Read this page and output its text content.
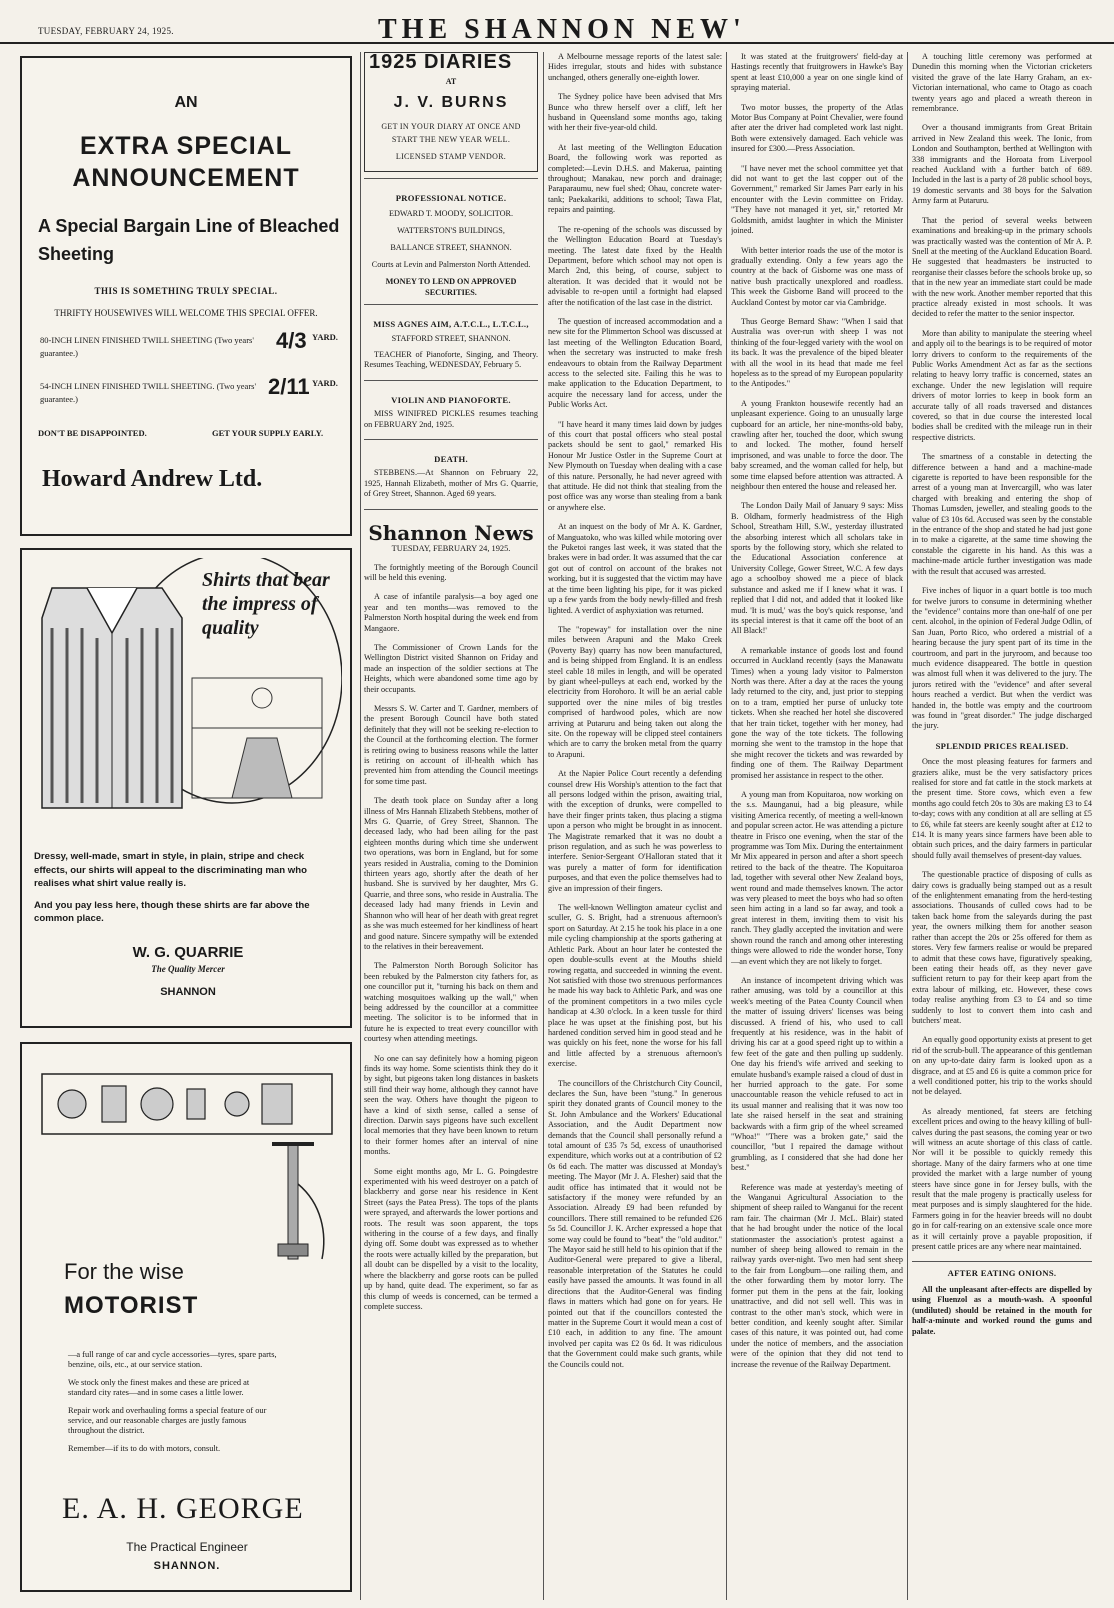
TUESDAY, FEBRUARY 24, 1925.	THE SHANNON NEW'
AN
EXTRA SPECIAL ANNOUNCEMENT
A Special Bargain Line of Bleached Sheeting
THIS IS SOMETHING TRULY SPECIAL.
THRIFTY HOUSEWIVES WILL WELCOME THIS SPECIAL OFFER.
80-INCH LINEN FINISHED TWILL SHEETING (Two years' guarantee.)	4/3 YARD.
54-INCH LINEN FINISHED TWILL SHEETING. (Two years' guarantee.)	2/11 YARD.
DON'T BE DISAPPOINTED.	GET YOUR SUPPLY EARLY.
Howard Andrew Ltd.
Shirts that bear the impress of quality

Dressy, well-made, smart in style, in plain, stripe and check effects, our shirts will appeal to the discriminating man who realises what shirt value really is.

And you pay less here, though these shirts are far above the common place.

W. G. QUARRIE
The Quality Mercer
SHANNON
For the wise
MOTORIST

—a full range of car and cycle accessories—tyres, spare parts, benzine, oils, etc., at our service station.

We stock only the finest makes and these are priced at standard city rates—and in some cases a little lower.

Repair work and overhauling forms a special feature of our service, and our reasonable charges are justly famous throughout the district.

Remember—if its to do with motors, consult.

E. A. H. GEORGE
The Practical Engineer
SHANNON.
1925 DIARIES
AT
J. V. BURNS
GET IN YOUR DIARY AT ONCE AND START THE NEW YEAR WELL.
LICENSED STAMP VENDOR.
PROFESSIONAL NOTICE.
EDWARD T. MOODY, SOLICITOR.
WATTERSTON'S BUILDINGS,
BALLANCE STREET, SHANNON.
Courts at Levin and Palmerston North Attended.
MONEY TO LEND ON APPROVED SECURITIES.
MISS AGNES AIM, A.T.C.L., L.T.C.L.,
STAFFORD STREET, SHANNON.

TEACHER of Pianoforte, Singing, and Theory. Resumes Teaching, WEDNESDAY, February 5.

VIOLIN AND PIANOFORTE.

MISS WINIFRED PICKLES resumes teaching on FEBRUARY 2nd, 1925.

DEATH.

STEBBENS.—At Shannon on February 22, 1925, Hannah Elizabeth, mother of Mrs G. Quarrie, of Grey Street, Shannon. Aged 69 years.

Shannon News
TUESDAY, FEBRUARY 24, 1925.

The fortnightly meeting of the Borough Council will be held this evening.

A case of infantile paralysis—a boy aged one year and ten months—was removed to the Palmerston North hospital during the week end from Mangaore.

The Commissioner of Crown Lands for the Wellington District visited Shannon on Friday and made an inspection of the soldier sections at The Heights, which were abandoned some time ago by their occupants.

Messrs S. W. Carter and T. Gardner, members of the present Borough Council have both stated definitely that they will not be seeking re-election to the Council at the forthcoming election. The former is retiring owing to business reasons while the latter is retiring on account of ill-health which has prevented him from attending the Council meetings for some time past.

The death took place on Sunday after a long illness of Mrs Hannah Elizabeth Stebbens, mother of Mrs G. Quarrie, of Grey Street, Shannon. The deceased lady, who had been ailing for the past eighteen months during which time she underwent two operations, was born in England, but for some years resided in Australia, coming to the Dominion thirteen years ago, shortly after the death of her husband. She is survived by her daughter, Mrs G. Quarrie, and three sons, who reside in Australia. The deceased lady had many friends in Levin and Shannon who will hear of her death with great regret as she was much esteemed for her kindliness of heart and good nature. Sincere sympathy will be extended to the relatives in their bereavement.

The Palmerston North Borough Solicitor has been rebuked by the Palmerston city fathers for, as one councillor put it, "turning his back on them and watching mosquitoes walking up the wall," when being addressed by the councillor at a committee meeting. The solicitor is to be informed that in future he is expected to treat every councillor with courtesy when attending meetings.

No one can say definitely how a homing pigeon finds its way home. Some scientists think they do it by sight, but pigeons taken long distances in baskets still find their way home, although they cannot have seen the way. Others have thought the pigeon to have a kind of sixth sense, called a sense of direction. Darwin says pigeons have such excellent local memories that they have been known to return to their former homes after an interval of nine months.

Some eight months ago, Mr L. G. Poingdestre experimented with his weed destroyer on a patch of blackberry and gorse near his residence in Kent Street (says the Patea Press). The tops of the plants were sprayed, and afterwards the lower portions and roots. The result was soon apparent, the tops withering in the course of a few days, and finally dying off. Some doubt was expressed as to whether the roots were actually killed by the preparation, but all doubt can be dispelled by a visit to the locality, where the blackberry and gorse roots can be pulled up by hand, quite dead. The experiment, so far as this clump of weeds is concerned, can be termed a complete success.

A Melbourne message reports of the latest sale: Hides irregular, stouts and hides with substance unchanged, others generally one-eighth lower.

The Sydney police have been advised that Mrs Bunce who threw herself over a cliff, left her husband in Queensland some months ago, taking with her their five-year-old child.

At last meeting of the Wellington Education Board, the following work was reported as completed:—Levin D.H.S. and Makerua, painting throughout; Manakau, new porch and drainage; Paraparaumu, new fuel shed; Ohau, concrete water-tank; Paekakariki, additions to school; Tawa Flat, repairs and painting.

The re-opening of the schools was discussed by the Wellington Education Board at Tuesday's meeting. The latest date fixed by the Health Department, before which school may not open is March 2nd, this being, of course, subject to alteration. It was decided that it would not be advisable to re-open until a fortnight had elapsed after the notification of the last case in the district.

The question of increased accommodation and a new site for the Plimmerton School was discussed at last meeting of the Wellington Education Board, when the secretary was instructed to make fresh endeavours to obtain from the Railway Department access to the selected site. Failing this he was to make application to the Education Department, to acquire the necessary land for access, under the Public Works Act.

"I have heard it many times laid down by judges of this court that postal officers who steal postal packets should be sent to gaol," remarked His Honour Mr Justice Ostler in the Supreme Court at New Plymouth on Tuesday when dealing with a case of this nature. Personally, he had never agreed with that attitude. He did not think that stealing from the post office was any worse than stealing from a bank or anywhere else.

At an inquest on the body of Mr A. K. Gardner, of Manguatoko, who was killed while motoring over the Puketoi ranges last week, it was stated that the brakes were in bad order. It was assumed that the car got out of control on account of the brakes not working, but it is suggested that the victim may have at the time been lighting his pipe, for it was picked up a few yards from the body newly-filled and fresh lighted. A verdict of asphyxiation was returned.

The "ropeway" for installation over the nine miles between Arapuni and the Mako Creek (Poverty Bay) quarry has now been manufactured, and is being shipped from England. It is an endless steel cable 18 miles in length, and will be operated by giant wheel-pulleys at each end, worked by the electricity from Horohoro. It will be an aerial cable supported over the nine miles of big trestles comprised of hardwood poles, which are now arriving at Putaruru and being taken out along the site. On the ropeway will be clipped steel containers which are to carry the broken metal from the quarry to Arapuni.

At the Napier Police Court recently a defending counsel drew His Worship's attention to the fact that all persons lodged within the prison, awaiting trial, with the exception of drunks, were compelled to have their finger prints taken, thus placing a stigma upon a person who might be brought in as innocent. The Magistrate remarked that it was no doubt a prison regulation, and as such he was powerless to interfere. Senior-Sergeant O'Halloran stated that it was purely a matter of form for identification purposes, and that even the police themselves had to give an impression of their fingers.

The well-known Wellington amateur cyclist and sculler, G. S. Bright, had a strenuous afternoon's sport on Saturday. At 2.15 he took his place in a one mile cycling championship at the sports gathering at Athletic Park. About an hour later he contested the open double-sculls event at the Mouths shield rowing regatta, and succeeded in winning the event. Not satisfied with those two strenuous performances he made his way back to Athletic Park, and was one of the prominent competitors in a two miles cycle handicap at 4.30 o'clock. In a keen tussle for third place he was upset at the finishing post, but his hardened condition served him in good stead and he was quickly on his feet, none the worse for his fall and little affected by a strenuous afternoon's exercise.

The councillors of the Christchurch City Council, declares the Sun, have been "stung." In generous spirit they donated grants of Council money to the St. John Ambulance and the Workers' Educational Association, and the Audit Department now demands that the Council shall personally refund a total amount of £35 7s 5d, excess of unauthorised expenditure, which works out at a contribution of £2 0s 6d each. The matter was discussed at Monday's meeting. The Mayor (Mr J. A. Flesher) said that the audit office has intimated that it would not be satisfactory if the money were refunded by an Association. Already £9 had been refunded by councillors. There still remained to be refunded £26 5s 5d. Councillor J. K. Archer expressed a hope that some way could be found to "beat" the "old auditor." The Mayor said he still held to his opinion that if the Auditor-General were prepared to give a liberal, reasonable interpretation of the Statutes he could easily have passed the amounts. It was found in all directions that the Auditor-General was finding flaws in matters which had gone on for years. He pointed out that if the councillors contested the matter in the Supreme Court it would mean a cost of £10 each, in addition to any fine. The amount involved per capita was £2 0s 6d. It was ridiculous that the Government could make such grants, while the Councils could not.

It was stated at the fruitgrowers' field-day at Hastings recently that fruitgrowers in Hawke's Bay spent at least £10,000 a year on one single kind of spraying material.

Two motor busses, the property of the Atlas Motor Bus Company at Point Chevalier, were found after ater the driver had completed work last night. Both were extensively damaged. Each vehicle was insured for £300.—Press Association.

"I have never met the school committee yet that did not want to get the last copper out of the Government," remarked Sir James Parr early in his encounter with the Levin committee on Friday. "They have not managed it yet, sir," retorted Mr Goldsmith, amidst laughter in which the Minister joined.

With better interior roads the use of the motor is gradually extending. Only a few years ago the country at the back of Gisborne was one mass of native bush practically unexplored and roadless. This week the Gisborne Band will proceed to the Auckland Contest by motor car via Cambridge.

Thus George Bernard Shaw: "When I said that Australia was over-run with sheep I was not thinking of the four-legged variety with the wool on its back. It was the prevalence of the biped bleater with all the wool in its head that made me feel hopeless as to the spread of my European popularity to the Antipodes."

A young Frankton housewife recently had an unpleasant experience. Going to an unusually large cupboard for an article, her nine-months-old baby, crawling after her, touched the door, which swung to and locked. The mother, found herself imprisoned, and was unable to force the door. The baby screamed, and the woman called for help, but some time elapsed before attention was attracted. A neighbour then entered the house and released her.

The London Daily Mail of January 9 says: Miss B. Oldham, formerly headmistress of the High School, Streatham Hill, S.W., yesterday illustrated the absorbing interest which all scholars take in sports by the following story, which she related to the Educational Association conference at University College, Gower Street, W.C. A few days ago a schoolboy showed me a piece of black substance and asked me if I knew what it was. I replied that I did not, and added that it looked like mud. 'It is mud,' was the boy's quick response, 'and its special interest is that it came off the boot of an All Black!'

A remarkable instance of goods lost and found occurred in Auckland recently (says the Manawatu Times) when a young lady visitor to Palmerston North was there. After a day at the races the young lady returned to the city, and, just prior to stepping on to a tram, emptied her purse of unlucky tote tickets. When she reached her hotel she discovered that her train ticket, together with her money, had gone the way of the tote tickets. The following morning she went to the tramstop in the hope that she might recover the tickets and was rewarded by finding one of them. The Railway Department promised her assistance in respect to the other.

A young man from Kopuitaroa, now working on the s.s. Maunganui, had a big pleasure, while visiting America recently, of meeting a well-known and popular screen actor. He was attending a picture theatre in Frisco one evening, when the star of the programme was Tom Mix. During the entertainment Mr Mix appeared in person and after a short speech retired to the back of the theatre. The Kopuitaroa lad, together with several other New Zealand boys, went round and made themselves known. The actor was very pleased to meet the boys who had so often seen him acting in a land so far away, and took a great interest in them, inviting them to visit his ranch. They gladly accepted the invitation and were shown round the ranch and among other interesting things were allowed to ride the wonder horse, Tony—an event which they are not likely to forget.

An instance of incompetent driving which was rather amusing, was told by a councillor at this week's meeting of the Patea County Council when the matter of issuing drivers' licenses was being discussed. A friend of his, who used to call frequently at his residence, was in the habit of driving his car at a good speed right up to within a few feet of the gate and then pulling up suddenly. One day his friend's wife arrived and seeking to emulate husband's example raised a cloud of dust in her hurried approach to the gate. For some unaccountable reason the vehicle refused to act in its usual manner and realising that it was now too late she raised herself in the seat and straining backwards with a firm grip of the wheel screamed "Whoa!" "There was a broken gate," said the councillor, "but I repaired the damage without grumbling, as I considered that she had done her best."

Reference was made at yesterday's meeting of the Wanganui Agricultural Association to the shipment of sheep railed to Wanganui for the recent ram fair. The chairman (Mr J. McL. Blair) stated that he had brought under the notice of the local stationmaster the association's protest against a number of sheep being allowed to remain in the railway yards over-night. Two men had sent sheep to the fair from Longburn—one railing them, and the other forwarding them by motor lorry. The former put them in the pens at the fair, looking unattractive, and did not sell well. This was in contrast to the other man's stock, which were in better condition, and keenly sought after. Similar cases of this nature, it was pointed out, had come under the notice of members, and the association were of the opinion that they did not tend to increase the revenue of the Railway Department.

A touching little ceremony was performed at Dunedin this morning when the Victorian cricketers visited the grave of the late Harry Graham, an ex-Victorian international, who came to Otago as coach twenty years ago and placed a wreath thereon in remembrance.

Over a thousand immigrants from Great Britain arrived in New Zealand this week. The Ionic, from London and Southampton, berthed at Wellington with 338 immigrants and the Horoata from Liverpool reached Auckland with a further batch of 689. Included in the last is a party of 28 public school boys, 19 domestic servants and 38 boys for the Salvation Army farm at Putaruru.

That the period of several weeks between examinations and breaking-up in the primary schools was practically wasted was the contention of Mr A. P. Snell at the meeting of the Auckland Education Board. He suggested that headmasters be instructed to reorganise their classes before the schools broke up, so that in the new year an immediate start could be made with the new work. Another member reported that this practice already existed in most schools. It was decided to refer the matter to the senior inspector.

More than ability to manipulate the steering wheel and apply oil to the bearings is to be required of motor lorry drivers to conform to the requirements of the Public Works Amendment Act as far as the sections relating to heavy lorry traffic is concerned, states an exchange. Under the new legislation will require drivers of motor lorries to keep in book form an accurate tally of all roads traversed and distances covered, so that in due course the interested local bodies shall be credited with the mileage run in their respective districts.

The smartness of a constable in detecting the difference between a hand and a machine-made cigarette is reported to have been responsible for the arrest of a young man at Invercargill, who was later charged with breaking and entering the shop of Thomas Lumsden, jeweller, and stealing goods to the value of £3 10s 6d. Accused was seen by the constable in the entrance of the shop and stated he had just gone in to make a cigarette, at the same time showing the constable the cigarette in his hand. As this was a machine-made article further investigation was made with the result that accused was arrested.

Five inches of liquor in a quart bottle is too much for twelve jurors to consume in determining whether the "evidence" contains more than one-half of one per cent. alcohol, in the opinion of Federal Judge Odlin, of San Juan, Porto Rico, who ordered a mistrial of a hearing because the jury spent part of its time in the courtroom, and part in the juryroom, and because too much evidence disappeared. The bottle in question was almost full when it was delivered to the jury. The jurors retired with the "evidence" and after several hours reached a verdict. But when the verdict was handed in, the bottle was empty and the courtroom was found in "great disorder." The judge discharged the jury.

SPLENDID PRICES REALISED.

Once the most pleasing features for farmers and graziers alike, must be the very satisfactory prices realised for store and fat cattle in the stock markets at the present time. Store cows, which even a few months ago could fetch 20s to 30s are making £3 to £4 to-day; cows with any condition at all are selling at £5 to £6, while fat steers are keenly sought after at £12 to £14. It is many years since farmers have been able to obtain such prices, and the dairy farmers in particular should fully avail themselves of present-day values.

The questionable practice of disposing of culls as dairy cows is gradually being stamped out as a result of the enlightenment emanating from the herd-testing associations. Thousands of culled cows had to be taken back home from the saleyards during the past year, the owners milking them for another season rather than accept the 20s or 25s offered for them as stores. Very few farmers realise or would be prepared to admit that these cows have, figuratively speaking, been eating their heads off, as they never gave sufficient return to pay for their keep apart from the extra labour of milking, etc. However, these cows today realise anything from £3 to £4 and so time suddenly to lost to convert them into cash and butchers' meat.

An equally good opportunity exists at present to get rid of the scrub-bull. The appearance of this gentleman on any up-to-date dairy farm is looked upon as a disgrace, and at £5 and £6 is quite a common price for a well conditioned potter, his trip to the works should not be delayed.

As already mentioned, fat steers are fetching excellent prices and owing to the heavy killing of bull-calves during the past seasons, the coming year or two will witness an acute shortage of this class of cattle. Nor will it be possible to quickly remedy this shortage. Many of the dairy farmers who at one time provided the market with a large number of young steers have since gone in for Jersey bulls, with the result that the male progeny is practically useless for meat purposes and is simply slaughtered for the hide. Farmers going in for the heavier breeds will no doubt go in for calf-rearing on an extensive scale once more as it will certainly prove a payable proposition, if present cattle prices are any where near maintained.

AFTER EATING ONIONS.

All the unpleasant after-effects are dispelled by using Fluenzol as a mouth-wash. A spoonful (undiluted) should be retained in the mouth for half-a-minute and worked round the gums and palate.
